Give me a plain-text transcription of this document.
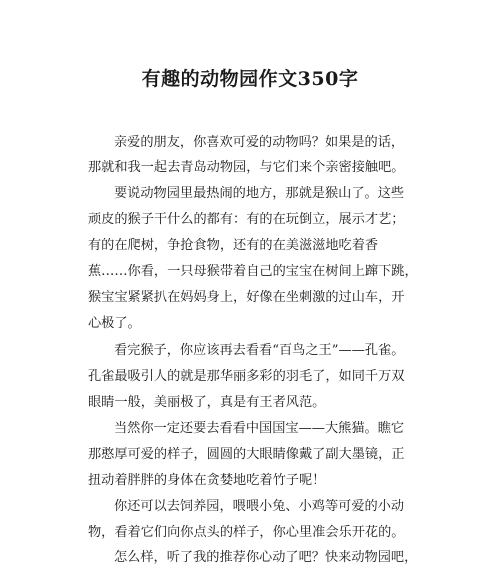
有趣的动物园作文350字
亲爱的朋友，你喜欢可爱的动物吗？如果是的话，
那就和我一起去青岛动物园，与它们来个亲密接触吧。
要说动物园里最热闹的地方，那就是猴山了。这些
顽皮的猴子干什么的都有：有的在玩倒立，展示才艺；
有的在爬树，争抢食物，还有的在美滋滋地吃着香
蕉……你看，一只母猴带着自己的宝宝在树间上蹿下跳，
猴宝宝紧紧扒在妈妈身上，好像在坐刺激的过山车，开
心极了。
看完猴子，你应该再去看看“百鸟之王”——孔雀。
孔雀最吸引人的就是那华丽多彩的羽毛了，如同千万双
眼睛一般，美丽极了，真是有王者风范。
当然你一定还要去看看中国国宝——大熊猫。瞧它
那憨厚可爱的样子，圆圆的大眼睛像戴了副大墨镜，正
扭动着胖胖的身体在贪婪地吃着竹子呢！
你还可以去饲养园，喂喂小兔、小鸡等可爱的小动
物，看着它们向你点头的样子，你心里准会乐开花的。
怎么样，听了我的推荐你心动了吧？快来动物园吧，
